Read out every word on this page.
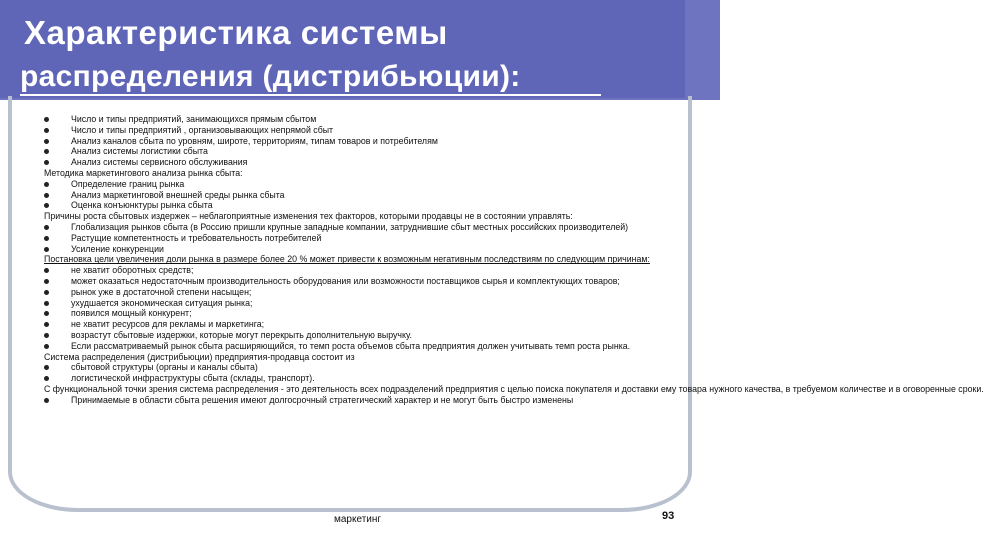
Характеристика системы
распределения (дистрибьюции):
Число и типы предприятий, занимающихся прямым сбытом
Число и типы предприятий , организовывающих непрямой сбыт
Анализ каналов сбыта по уровням, широте, территориям, типам товаров и потребителям
Анализ системы логистики сбыта
Анализ системы сервисного обслуживания
Методика маркетингового анализа рынка сбыта:
Определение границ рынка
Анализ маркетинговой внешней среды рынка сбыта
Оценка конъюнктуры рынка сбыта
Причины роста сбытовых издержек – неблагоприятные изменения тех факторов, которыми продавцы не в состоянии управлять:
Глобализация рынков сбыта (в Россию пришли крупные западные компании, затруднившие сбыт местных российских производителей)
Растущие компетентность и требовательность потребителей
Усиление конкуренции
Постановка цели увеличения доли рынка в размере более 20 % может привести к возможным негативным последствиям по следующим причинам:
не хватит оборотных средств;
может оказаться недостаточным производительность оборудования или возможности поставщиков сырья и комплектующих товаров;
рынок уже в достаточной степени насыщен;
ухудшается экономическая ситуация рынка;
появился мощный конкурент;
не хватит ресурсов для рекламы и маркетинга;
возрастут сбытовые издержки, которые могут перекрыть дополнительную выручку.
Если рассматриваемый рынок сбыта расширяющийся, то темп роста объемов сбыта предприятия должен учитывать темп роста рынка.
Система распределения (дистрибьюции) предприятия-продавца состоит из
сбытовой структуры (органы и каналы сбыта)
логистической инфраструктуры сбыта (склады, транспорт).
С функциональной точки зрения система распределения - это деятельность всех подразделений предприятия с целью поиска покупателя и доставки ему товара нужного качества, в требуемом количестве и в оговоренные сроки.
Принимаемые в области сбыта решения имеют долгосрочный стратегический характер и не могут быть быстро изменены
маркетинг	93
